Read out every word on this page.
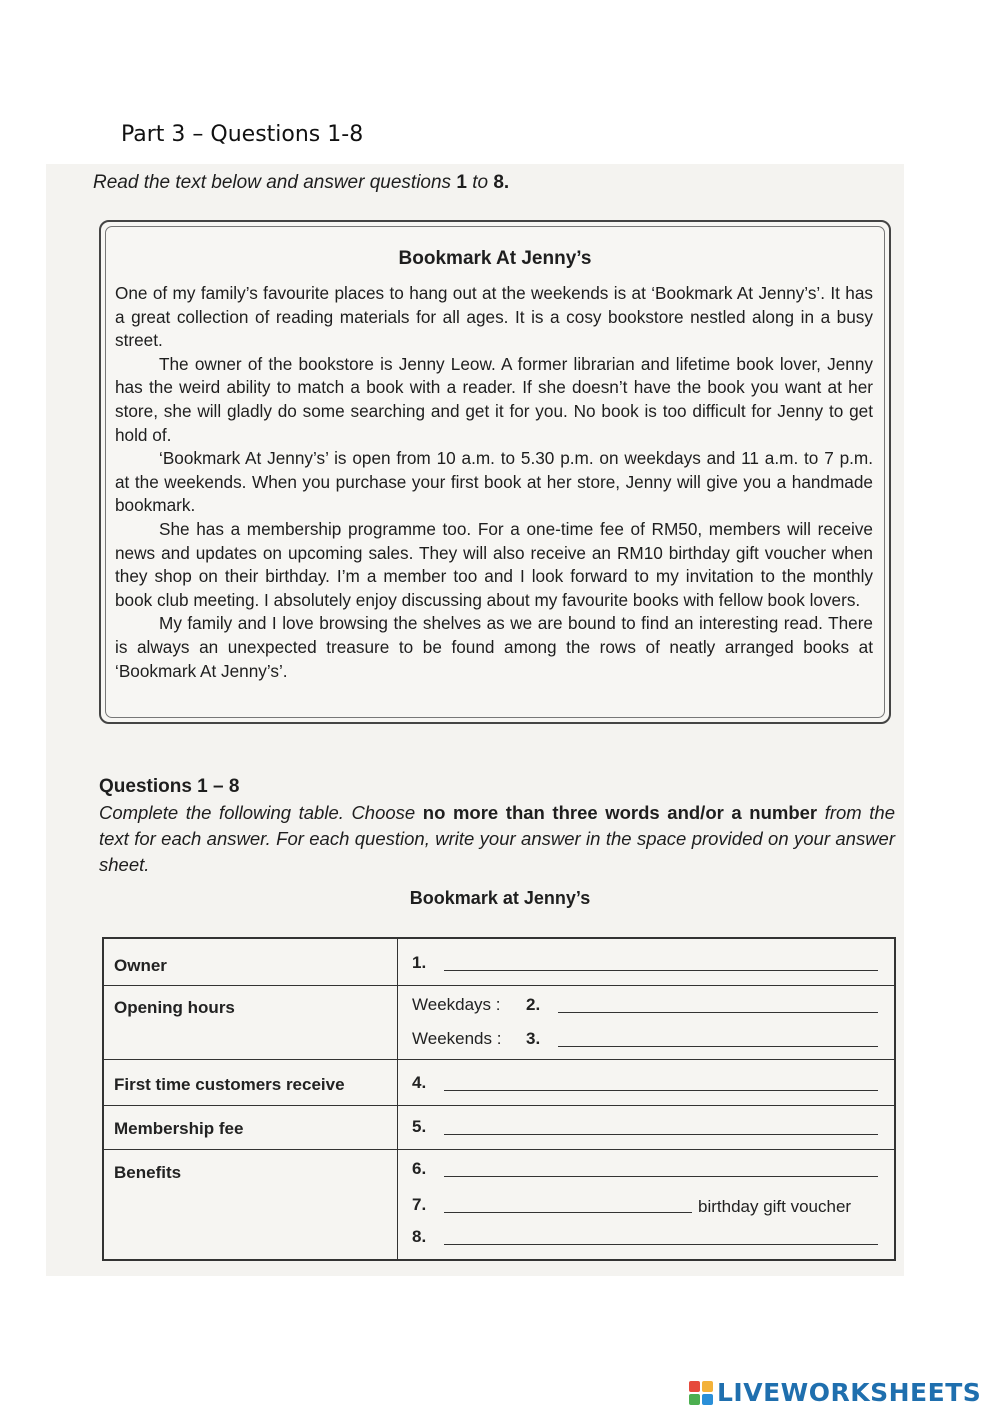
Part 3 – Questions 1-8
Read the text below and answer questions 1 to 8.
Bookmark At Jenny’s

One of my family’s favourite places to hang out at the weekends is at ‘Bookmark At Jenny’s’. It has a great collection of reading materials for all ages. It is a cosy bookstore nestled along in a busy street.

The owner of the bookstore is Jenny Leow. A former librarian and lifetime book lover, Jenny has the weird ability to match a book with a reader. If she doesn’t have the book you want at her store, she will gladly do some searching and get it for you. No book is too difficult for Jenny to get hold of.

‘Bookmark At Jenny’s’ is open from 10 a.m. to 5.30 p.m. on weekdays and 11 a.m. to 7 p.m. at the weekends. When you purchase your first book at her store, Jenny will give you a handmade bookmark.

She has a membership programme too. For a one-time fee of RM50, members will receive news and updates on upcoming sales. They will also receive an RM10 birthday gift voucher when they shop on their birthday. I’m a member too and I look forward to my invitation to the monthly book club meeting. I absolutely enjoy discussing about my favourite books with fellow book lovers.

My family and I love browsing the shelves as we are bound to find an interesting read. There is always an unexpected treasure to be found among the rows of neatly arranged books at ‘Bookmark At Jenny’s’.

Questions 1 – 8
Complete the following table. Choose no more than three words and/or a number from the text for each answer. For each question, write your answer in the space provided on your answer sheet.
Bookmark at Jenny’s
Owner
Opening hours
First time customers receive
Membership fee
Benefits
1.
Weekdays : 2.
Weekends : 3.
4.
5.
6.
7.	birthday gift voucher
8.
LIVEWORKSHEETS
